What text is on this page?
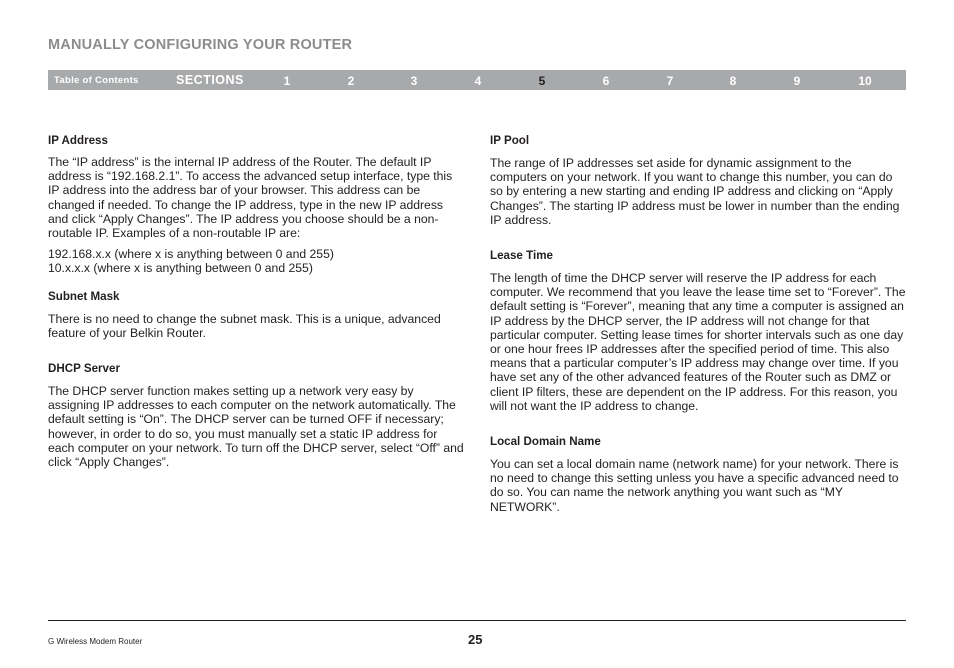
MANUALLY CONFIGURING YOUR ROUTER
Table of Contents	SECTIONS	1	2	3	4	5	6	7	8	9	10
IP Address

The “IP address” is the internal IP address of the Router. The default IP address is “192.168.2.1”. To access the advanced setup interface, type this IP address into the address bar of your browser. This address can be changed if needed. To change the IP address, type in the new IP address and click “Apply Changes”. The IP address you choose should be a non-routable IP. Examples of a non-routable IP are:

192.168.x.x (where x is anything between 0 and 255)

10.x.x.x (where x is anything between 0 and 255)

Subnet Mask

There is no need to change the subnet mask. This is a unique, advanced feature of your Belkin Router.

DHCP Server

The DHCP server function makes setting up a network very easy by assigning IP addresses to each computer on the network automatically. The default setting is “On”. The DHCP server can be turned OFF if necessary; however, in order to do so, you must manually set a static IP address for each computer on your network. To turn off the DHCP server, select “Off” and click “Apply Changes”.

IP Pool

The range of IP addresses set aside for dynamic assignment to the computers on your network. If you want to change this number, you can do so by entering a new starting and ending IP address and clicking on “Apply Changes”. The starting IP address must be lower in number than the ending IP address.

Lease Time

The length of time the DHCP server will reserve the IP address for each computer. We recommend that you leave the lease time set to “Forever”. The default setting is “Forever”, meaning that any time a computer is assigned an IP address by the DHCP server, the IP address will not change for that particular computer. Setting lease times for shorter intervals such as one day or one hour frees IP addresses after the specified period of time. This also means that a particular computer’s IP address may change over time. If you have set any of the other advanced features of the Router such as DMZ or client IP filters, these are dependent on the IP address. For this reason, you will not want the IP address to change.

Local Domain Name

You can set a local domain name (network name) for your network. There is no need to change this setting unless you have a specific advanced need to do so. You can name the network anything you want such as “MY NETWORK”.

G Wireless Modem Router	25
